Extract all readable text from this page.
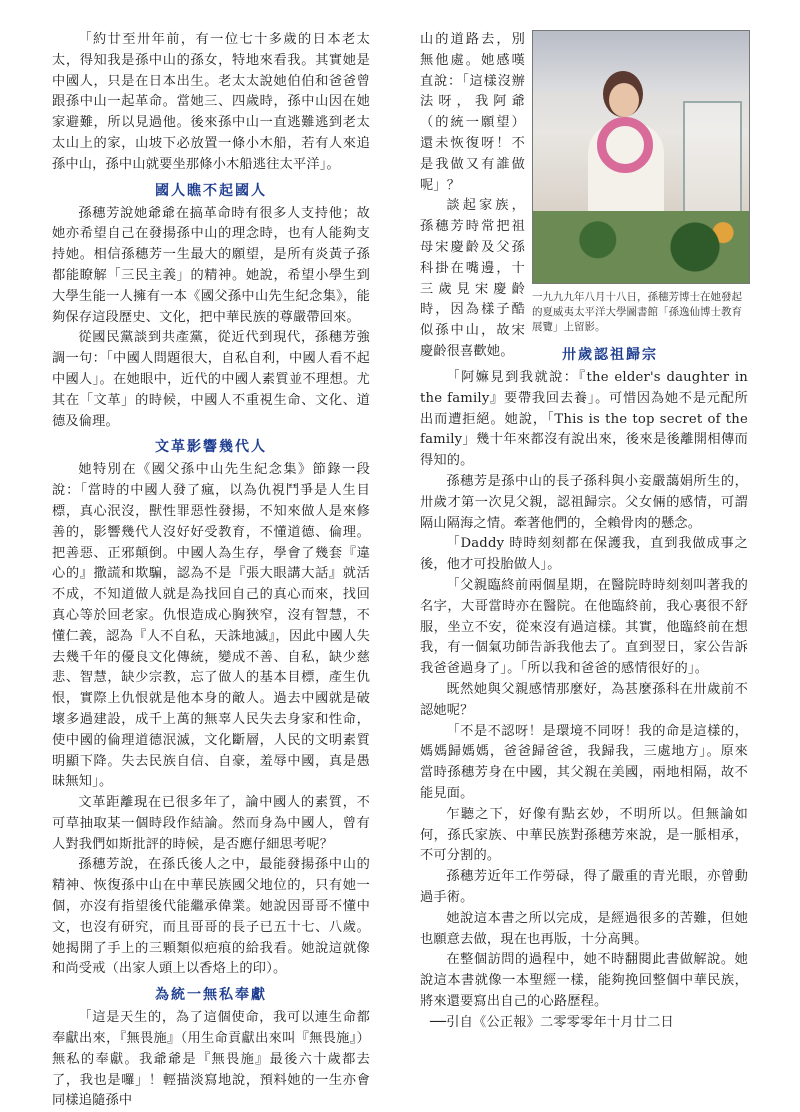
「約廿至卅年前，有一位七十多歲的日本老太太，得知我是孫中山的孫女，特地來看我。其實她是中國人，只是在日本出生。老太太說她伯伯和爸爸曾跟孫中山一起革命。當她三、四歲時，孫中山因在她家避難，所以見過他。後來孫中山一直逃難逃到老太太山上的家，山坡下必放置一條小木船，若有人來追孫中山，孫中山就要坐那條小木船逃往太平洋」。

國人瞧不起國人

孫穗芳說她爺爺在搞革命時有很多人支持他；故她亦希望自己在發揚孫中山的理念時，也有人能夠支持她。相信孫穗芳一生最大的願望，是所有炎黃子孫都能瞭解「三民主義」的精神。她說，希望小學生到大學生能一人擁有一本《國父孫中山先生紀念集》，能夠保存這段歷史、文化，把中華民族的尊嚴帶回來。

從國民黨談到共產黨，從近代到現代，孫穗芳強調一句：「中國人問題很大，自私自利，中國人看不起中國人」。在她眼中，近代的中國人素質並不理想。尤其在「文革」的時候，中國人不重視生命、文化、道德及倫理。

文革影響幾代人

她特別在《國父孫中山先生紀念集》節錄一段說：「當時的中國人發了瘋，以為仇視鬥爭是人生目標，真心泯沒，獸性罪惡性發揚，不知來做人是來修善的，影響幾代人沒好好受教育，不懂道德、倫理。把善惡、正邪顛倒。中國人為生存，學會了幾套『違心的』撒謊和欺騙，認為不是『張大眼講大話』就活不成，不知道做人就是為找回自己的真心而來，找回真心等於回老家。仇恨造成心胸狹窄，沒有智慧，不懂仁義，認為『人不自私，天誅地滅』，因此中國人失去幾千年的優良文化傳統，變成不善、自私，缺少慈悲、智慧，缺少宗教，忘了做人的基本目標，產生仇恨，實際上仇恨就是他本身的敵人。過去中國就是破壞多過建設，成千上萬的無辜人民失去身家和性命，使中國的倫理道德泯滅，文化斷層，人民的文明素質明顯下降。失去民族自信、自豪，羞辱中國，真是愚昧無知」。

文革距離現在已很多年了，論中國人的素質，不可草抽取某一個時段作結論。然而身為中國人，曾有人對我們如斯批評的時候，是否應仔細思考呢？

孫穗芳說，在孫氏後人之中，最能發揚孫中山的精神、恢復孫中山在中華民族國父地位的，只有她一個，亦沒有指望後代能繼承偉業。她說因哥哥不懂中文，也沒有研究，而且哥哥的長子已五十七、八歲。她揭開了手上的三顆類似疤痕的給我看。她說這就像和尚受戒（出家人頭上以香烙上的印）。

為統一無私奉獻

「這是天生的，為了這個使命，我可以連生命都奉獻出來，『無畏施』（用生命貢獻出來叫『無畏施』）無私的奉獻。我爺爺是『無畏施』最後六十歲都去了，我也是囉」！輕描淡寫地說，預料她的一生亦會同樣追隨孫中

山的道路去，別無他處。她感嘆直說：「這樣沒辦法呀，我阿爺（的統一願望）還未恢復呀！不是我做又有誰做呢」？

談起家族，孫穗芳時常把祖母宋慶齡及父孫科掛在嘴邊，十三歲見宋慶齡時，因為樣子酷似孫中山，故宋慶齡很喜歡她。

一九九九年八月十八日，孫穗芳博士在她發起的夏威夷太平洋大學圖書館「孫逸仙博士教育展覽」上留影。
卅歲認祖歸宗

「阿嫲見到我就說：『the elder's daughter in the family』要帶我回去養」。可惜因為她不是元配所出而遭拒絕。她說，「This is the top secret of the family」幾十年來都沒有說出來，後來是後離開相傳而得知的。

孫穗芳是孫中山的長子孫科與小妾嚴藹娟所生的，卅歲才第一次見父親，認祖歸宗。父女倆的感情，可謂隔山隔海之情。牽著他們的，全賴骨肉的懸念。

「Daddy 時時刻刻都在保護我，直到我做成事之後，他才可投胎做人」。

「父親臨終前兩個星期，在醫院時時刻刻叫著我的名字，大哥當時亦在醫院。在他臨終前，我心裏很不舒服，坐立不安，從來沒有過這樣。其實，他臨終前在想我，有一個氣功師告訴我他去了。直到翌日，家公告訴我爸爸過身了」。「所以我和爸爸的感情很好的」。

既然她與父親感情那麼好，為甚麼孫科在卅歲前不認她呢？

「不是不認呀！是環境不同呀！我的命是這樣的，媽媽歸媽媽，爸爸歸爸爸，我歸我，三處地方」。原來當時孫穗芳身在中國，其父親在美國，兩地相隔，故不能見面。

乍聽之下，好像有點玄妙，不明所以。但無論如何，孫氏家族、中華民族對孫穗芳來說，是一脈相承，不可分割的。

孫穗芳近年工作勞碌，得了嚴重的青光眼，亦曾動過手術。

她說這本書之所以完成，是經過很多的苦難，但她也願意去做，現在也再版，十分高興。

在整個訪問的過程中，她不時翻閱此書做解說。她說這本書就像一本聖經一樣，能夠挽回整個中華民族，將來還要寫出自己的心路歷程。

──引自《公正報》二零零零年十月廿二日
